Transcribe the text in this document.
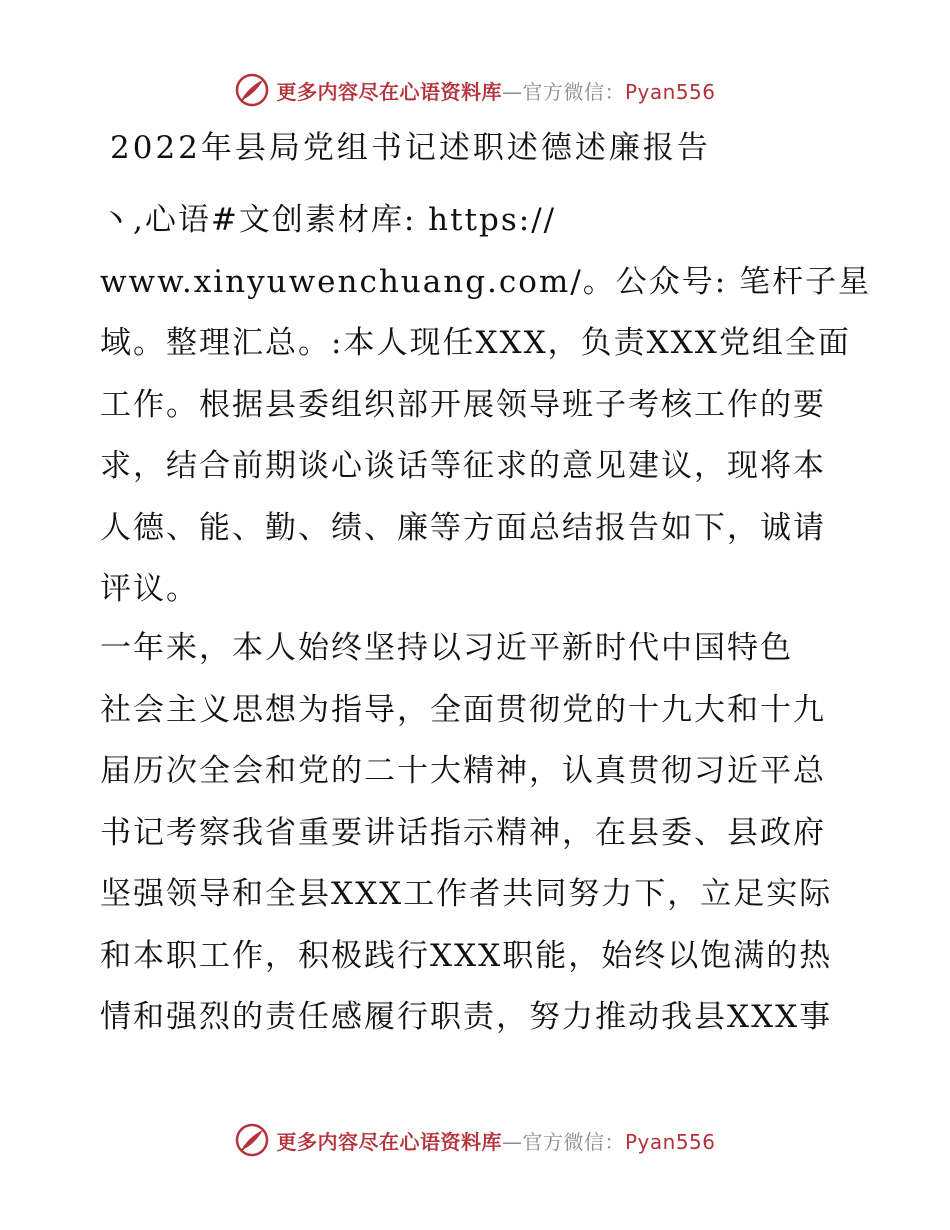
更多内容尽在心语资料库—官方微信：Pyan556
2022年县局党组书记述职述德述廉报告
丶,心语#文创素材库: https://
www.xinyuwenchuang.com/。公众号: 笔杆子星
域。整理汇总。:本人现任XXX，负责XXX党组全面
工作。根据县委组织部开展领导班子考核工作的要
求，结合前期谈心谈话等征求的意见建议，现将本
人德、能、勤、绩、廉等方面总结报告如下，诚请
评议。
一年来，本人始终坚持以习近平新时代中国特色
社会主义思想为指导，全面贯彻党的十九大和十九
届历次全会和党的二十大精神，认真贯彻习近平总
书记考察我省重要讲话指示精神，在县委、县政府
坚强领导和全县XXX工作者共同努力下，立足实际
和本职工作，积极践行XXX职能，始终以饱满的热
情和强烈的责任感履行职责，努力推动我县XXX事
更多内容尽在心语资料库—官方微信：Pyan556
